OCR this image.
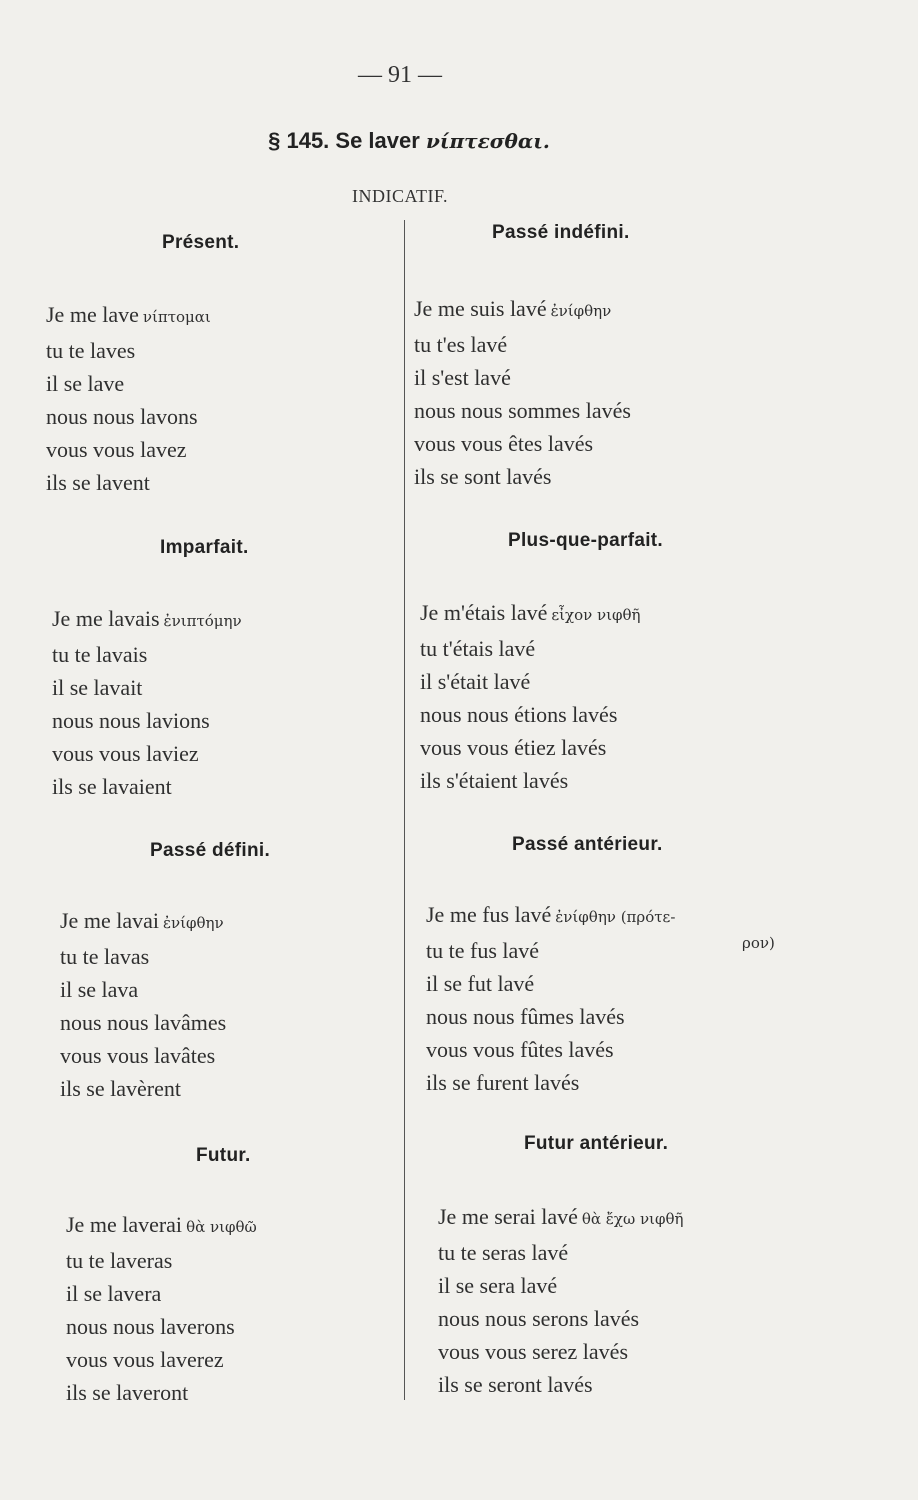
— 91 —
§ 145. Se laver νίπτεσθαι.
INDICATIF.
Présent.
Je me lave νίπτομαι
tu te laves
il se lave
nous nous lavons
vous vous lavez
ils se lavent
Imparfait.
Je me lavais ἐνιπτόμην
tu te lavais
il se lavait
nous nous lavions
vous vous laviez
ils se lavaient
Passé défini.
Je me lavai ἐνίφθην
tu te lavas
il se lava
nous nous lavâmes
vous vous lavâtes
ils se lavèrent
Futur.
Je me laverai θὰ νιφθῶ
tu te laveras
il se lavera
nous nous laverons
vous vous laverez
ils se laveront
Passé indéfini.
Je me suis lavé ἐνίφθην
tu t'es lavé
il s'est lavé
nous nous sommes lavés
vous vous êtes lavés
ils se sont lavés
Plus-que-parfait.
Je m'étais lavé εἶχον νιφθῆ
tu t'étais lavé
il s'était lavé
nous nous étions lavés
vous vous étiez lavés
ils s'étaient lavés
Passé antérieur.
Je me fus lavé ἐνίφθην (πρότε-
tu te fus lavé
il se fut lavé
nous nous fûmes lavés
vous vous fûtes lavés
ils se furent lavés
ρον)
Futur antérieur.
Je me serai lavé θὰ ἔχω νιφθῆ
tu te seras lavé
il se sera lavé
nous nous serons lavés
vous vous serez lavés
ils se seront lavés
